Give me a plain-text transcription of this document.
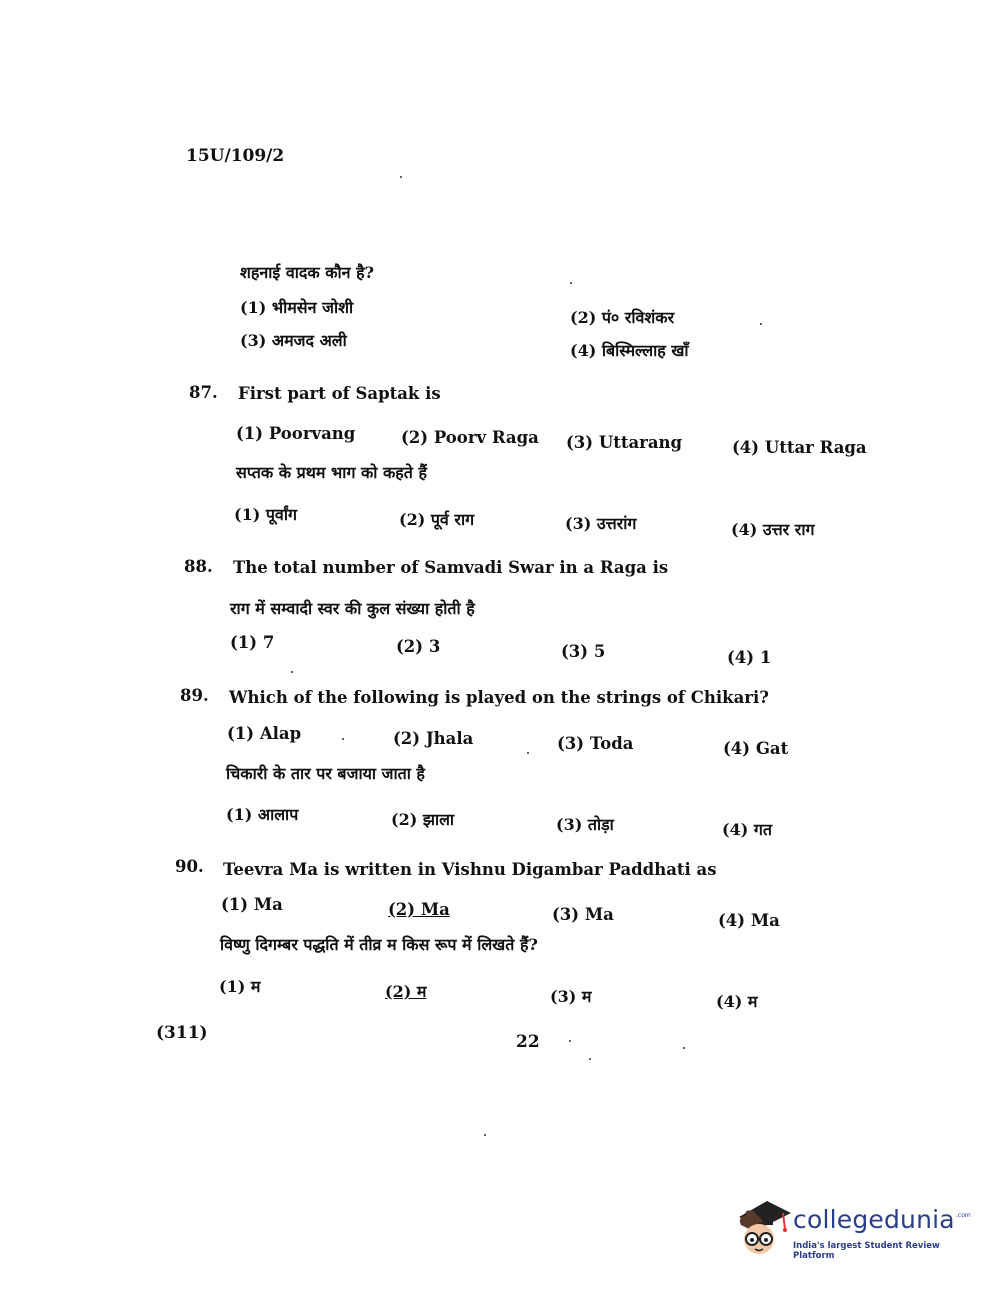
15U/109/2
शहनाई वादक कौन है?
(1) भीमसेन जोशी
(2) पं० रविशंकर
(3) अमजद अली
(4) बिस्मिल्लाह खाँ
87. First part of Saptak is
(1) Poorvang	(2) Poorv Raga (3) Uttarang	(4) Uttar Raga
सप्तक के प्रथम भाग को कहते हैं
(1) पूर्वांग	(2) पूर्व राग	(3) उत्तरांग	(4) उत्तर राग
88. The total number of Samvadi Swar in a Raga is
राग में सम्वादी स्वर की कुल संख्या होती है
(1) 7	(2) 3	(3) 5	(4) 1
89. Which of the following is played on the strings of Chikari?
(1) Alap	(2) Jhala	(3) Toda	(4) Gat
चिकारी के तार पर बजाया जाता है
(1) आलाप	(2) झाला	(3) तोड़ा	(4) गत
90. Teevra Ma is written in Vishnu Digambar Paddhati as
(1) Ma	(2) Ma	(3) Ma	(4) Ma
विष्णु दिगम्बर पद्धति में तीव्र म किस रूप में लिखते हैं?
(1) म	(2) म	(3) म	(4) म
(311)	22
collegedunia .com
India's largest Student Review Platform
